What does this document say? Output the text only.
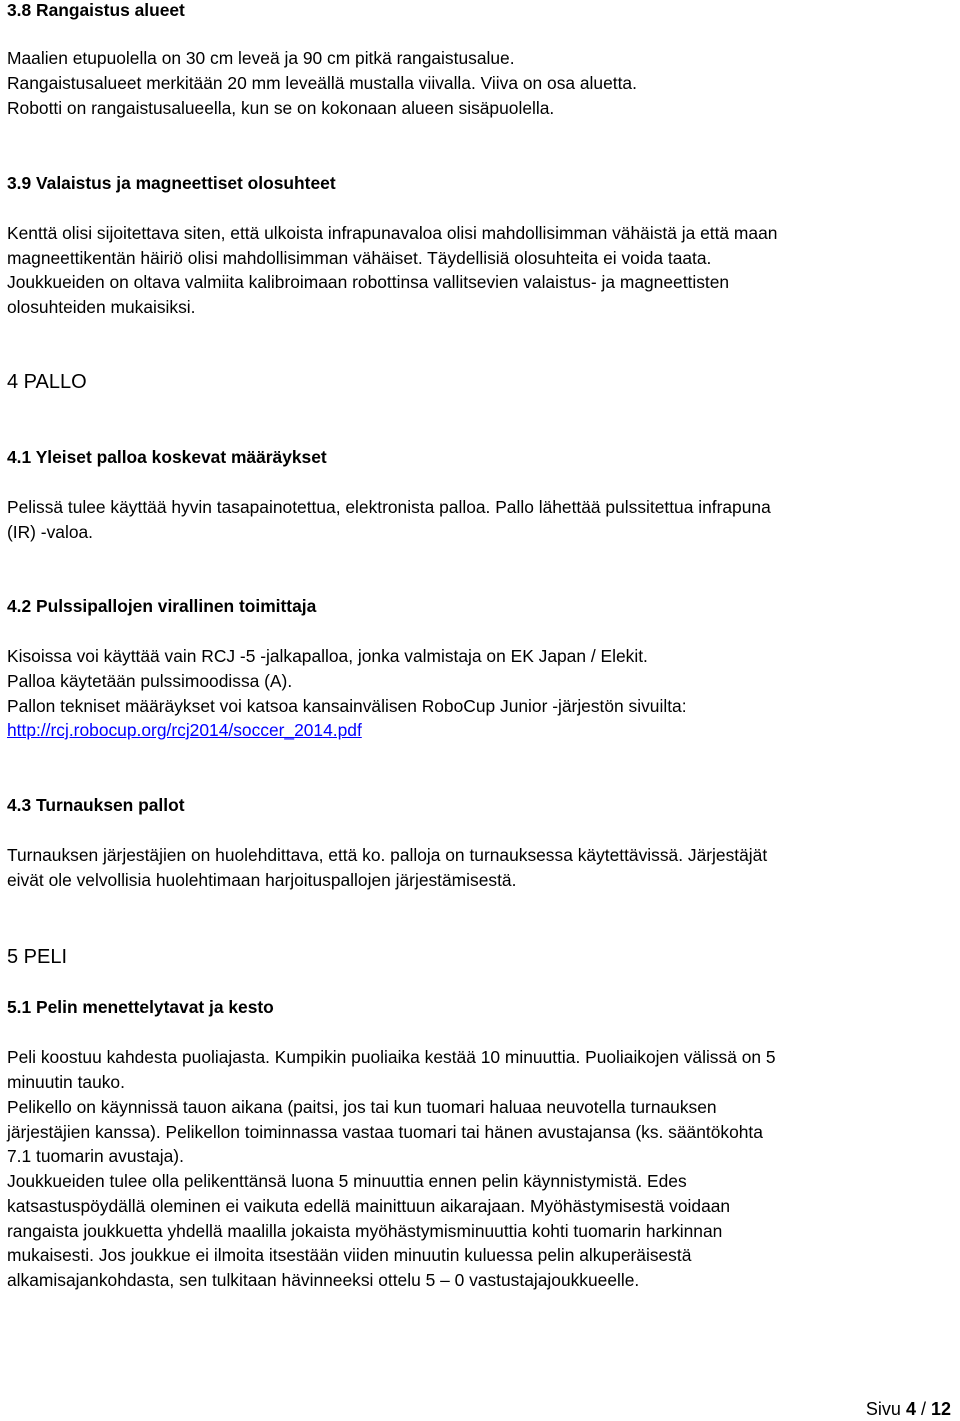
3.8 Rangaistus alueet
Maalien etupuolella on 30 cm leveä ja 90 cm pitkä rangaistusalue.
Rangaistusalueet merkitään 20 mm leveällä mustalla viivalla. Viiva on osa aluetta.
Robotti on rangaistusalueella, kun se on kokonaan alueen sisäpuolella.
3.9 Valaistus ja magneettiset olosuhteet
Kenttä olisi sijoitettava siten, että ulkoista infrapunavaloa olisi mahdollisimman vähäistä ja että maan
magneettikentän häiriö olisi mahdollisimman vähäiset. Täydellisiä olosuhteita ei voida taata.
Joukkueiden on oltava valmiita kalibroimaan robottinsa vallitsevien valaistus- ja magneettisten
olosuhteiden mukaisiksi.
4 PALLO
4.1 Yleiset palloa koskevat määräykset
Pelissä tulee käyttää hyvin tasapainotettua, elektronista palloa. Pallo lähettää pulssitettua infrapuna
(IR) -valoa.
4.2 Pulssipallojen virallinen toimittaja
Kisoissa voi käyttää vain RCJ -5 -jalkapalloa, jonka valmistaja on EK Japan / Elekit.
Palloa käytetään pulssimoodissa (A).
Pallon tekniset määräykset voi katsoa kansainvälisen RoboCup Junior -järjestön sivuilta:
http://rcj.robocup.org/rcj2014/soccer_2014.pdf
4.3 Turnauksen pallot
Turnauksen järjestäjien on huolehdittava, että ko. palloja on turnauksessa käytettävissä. Järjestäjät
eivät ole velvollisia huolehtimaan harjoituspallojen järjestämisestä.
5 PELI
5.1 Pelin menettelytavat ja kesto
Peli koostuu kahdesta puoliajasta. Kumpikin puoliaika kestää 10 minuuttia. Puoliaikojen välissä on 5
minuutin tauko.
Pelikello on käynnissä tauon aikana (paitsi, jos tai kun tuomari haluaa neuvotella turnauksen
järjestäjien kanssa). Pelikellon toiminnassa vastaa tuomari tai hänen avustajansa (ks. sääntökohta
7.1 tuomarin avustaja).
Joukkueiden tulee olla pelikenttänsä luona 5 minuuttia ennen pelin käynnistymistä. Edes
katsastuspöydällä oleminen ei vaikuta edellä mainittuun aikarajaan. Myöhästymisestä voidaan
rangaista joukkuetta yhdellä maalilla jokaista myöhästymisminuuttia kohti tuomarin harkinnan
mukaisesti. Jos joukkue ei ilmoita itsestään viiden minuutin kuluessa pelin alkuperäisestä
alkamisajankohdasta, sen tulkitaan hävinneeksi ottelu 5 – 0 vastustajajoukkueelle.
Sivu 4 / 12
